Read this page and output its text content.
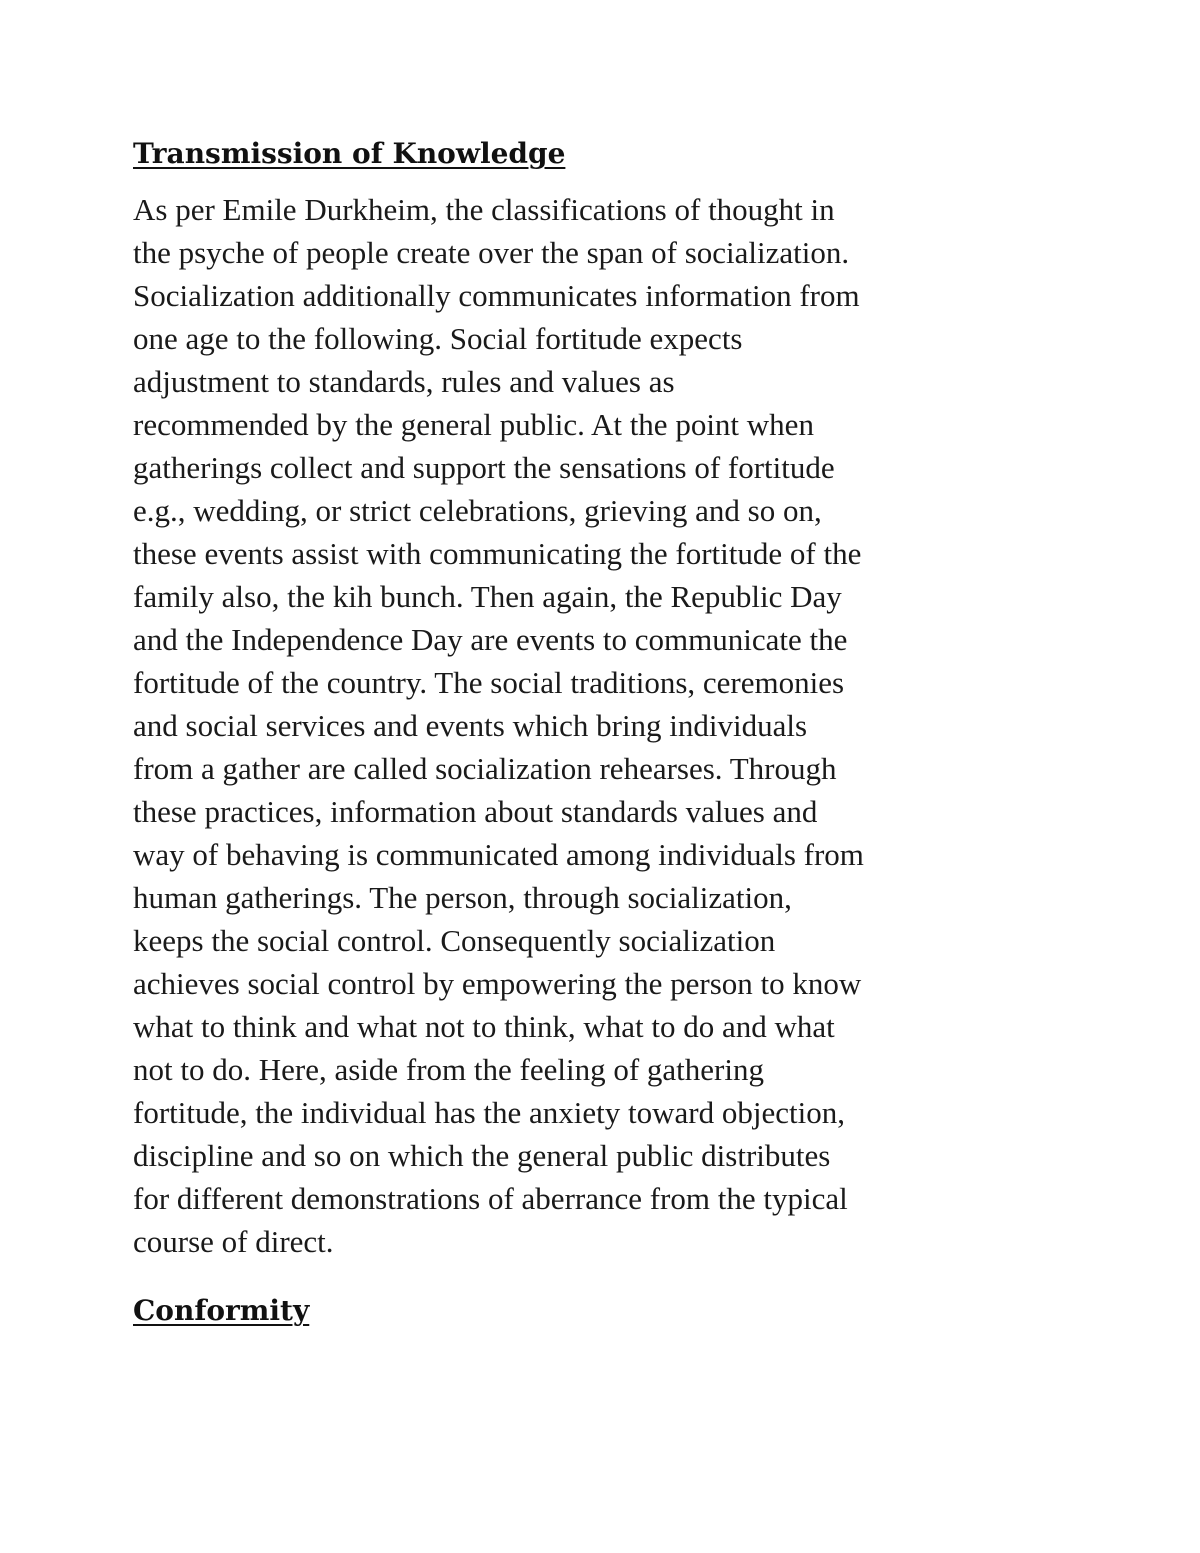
Transmission of Knowledge

As per Emile Durkheim, the classifications of thought in
the psyche of people create over the span of socialization.
Socialization additionally communicates information from
one age to the following. Social fortitude expects
adjustment to standards, rules and values as
recommended by the general public. At the point when
gatherings collect and support the sensations of fortitude
e.g., wedding, or strict celebrations, grieving and so on,
these events assist with communicating the fortitude of the
family also, the kih bunch. Then again, the Republic Day
and the Independence Day are events to communicate the
fortitude of the country. The social traditions, ceremonies
and social services and events which bring individuals
from a gather are called socialization rehearses. Through
these practices, information about standards values and
way of behaving is communicated among individuals from
human gatherings. The person, through socialization,
keeps the social control. Consequently socialization
achieves social control by empowering the person to know
what to think and what not to think, what to do and what
not to do. Here, aside from the feeling of gathering
fortitude, the individual has the anxiety toward objection,
discipline and so on which the general public distributes
for different demonstrations of aberrance from the typical
course of direct.

Conformity
